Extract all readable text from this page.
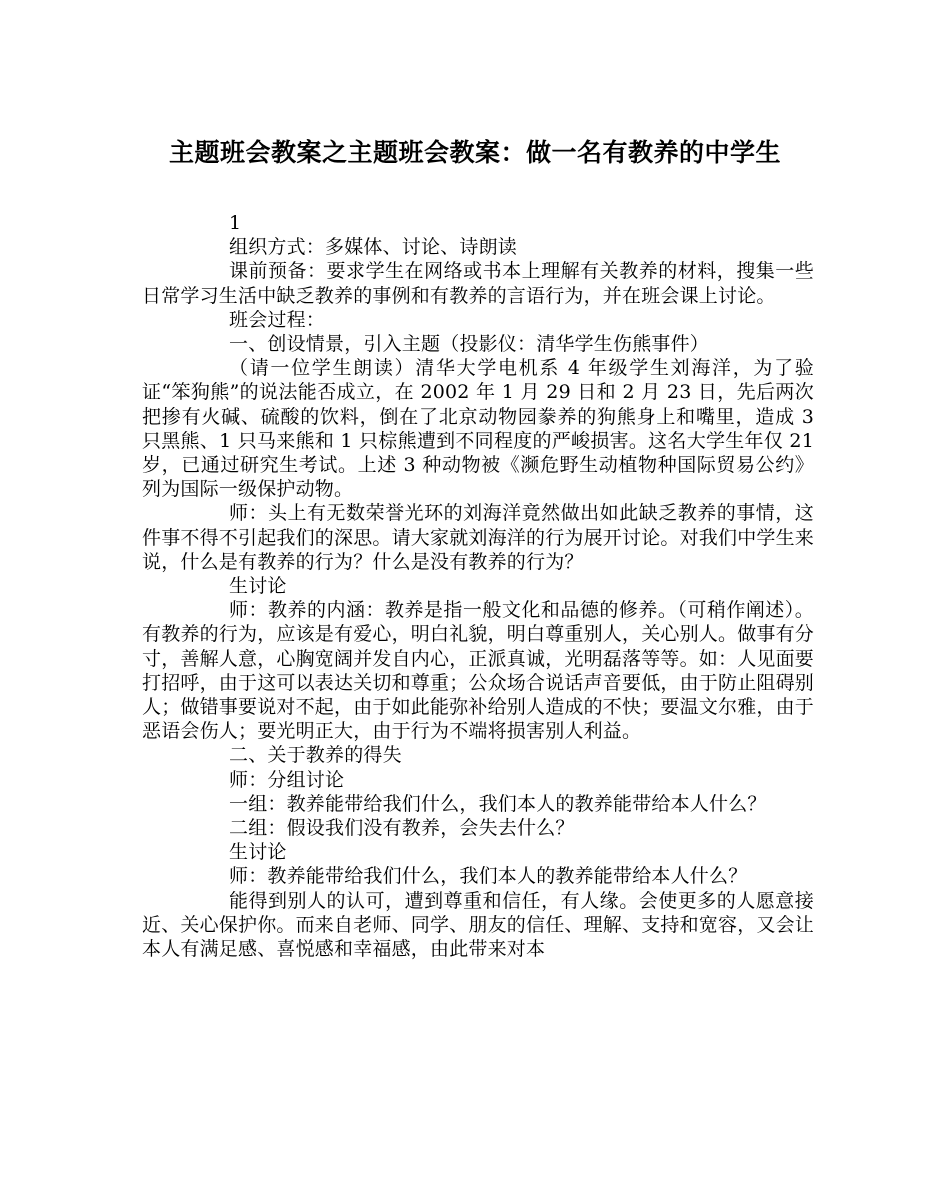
主题班会教案之主题班会教案：做一名有教养的中学生

1

组织方式：多媒体、讨论、诗朗读

课前预备：要求学生在网络或书本上理解有关教养的材料，搜集一些日常学习生活中缺乏教养的事例和有教养的言语行为，并在班会课上讨论。

班会过程：

一、创设情景，引入主题（投影仪：清华学生伤熊事件）

（请一位学生朗读）清华大学电机系 4 年级学生刘海洋，为了验证“笨狗熊”的说法能否成立，在 2002 年 1 月 29 日和 2 月 23 日，先后两次把掺有火碱、硫酸的饮料，倒在了北京动物园豢养的狗熊身上和嘴里，造成 3 只黑熊、1 只马来熊和 1 只棕熊遭到不同程度的严峻损害。这名大学生年仅 21 岁，已通过研究生考试。上述 3 种动物被《濒危野生动植物种国际贸易公约》列为国际一级保护动物。

师：头上有无数荣誉光环的刘海洋竟然做出如此缺乏教养的事情，这件事不得不引起我们的深思。请大家就刘海洋的行为展开讨论。对我们中学生来说，什么是有教养的行为？什么是没有教养的行为？

生讨论

师：教养的内涵：教养是指一般文化和品德的修养。（可稍作阐述）。有教养的行为，应该是有爱心，明白礼貌，明白尊重别人，关心别人。做事有分寸，善解人意，心胸宽阔并发自内心，正派真诚，光明磊落等等。如：人见面要打招呼，由于这可以表达关切和尊重；公众场合说话声音要低，由于防止阻碍别人；做错事要说对不起，由于如此能弥补给别人造成的不快；要温文尔雅，由于恶语会伤人；要光明正大，由于行为不端将损害别人利益。

二、关于教养的得失

师：分组讨论

一组：教养能带给我们什么，我们本人的教养能带给本人什么？

二组：假设我们没有教养，会失去什么？

生讨论

师：教养能带给我们什么，我们本人的教养能带给本人什么？

能得到别人的认可，遭到尊重和信任，有人缘。会使更多的人愿意接近、关心保护你。而来自老师、同学、朋友的信任、理解、支持和宽容，又会让本人有满足感、喜悦感和幸福感，由此带来对本
